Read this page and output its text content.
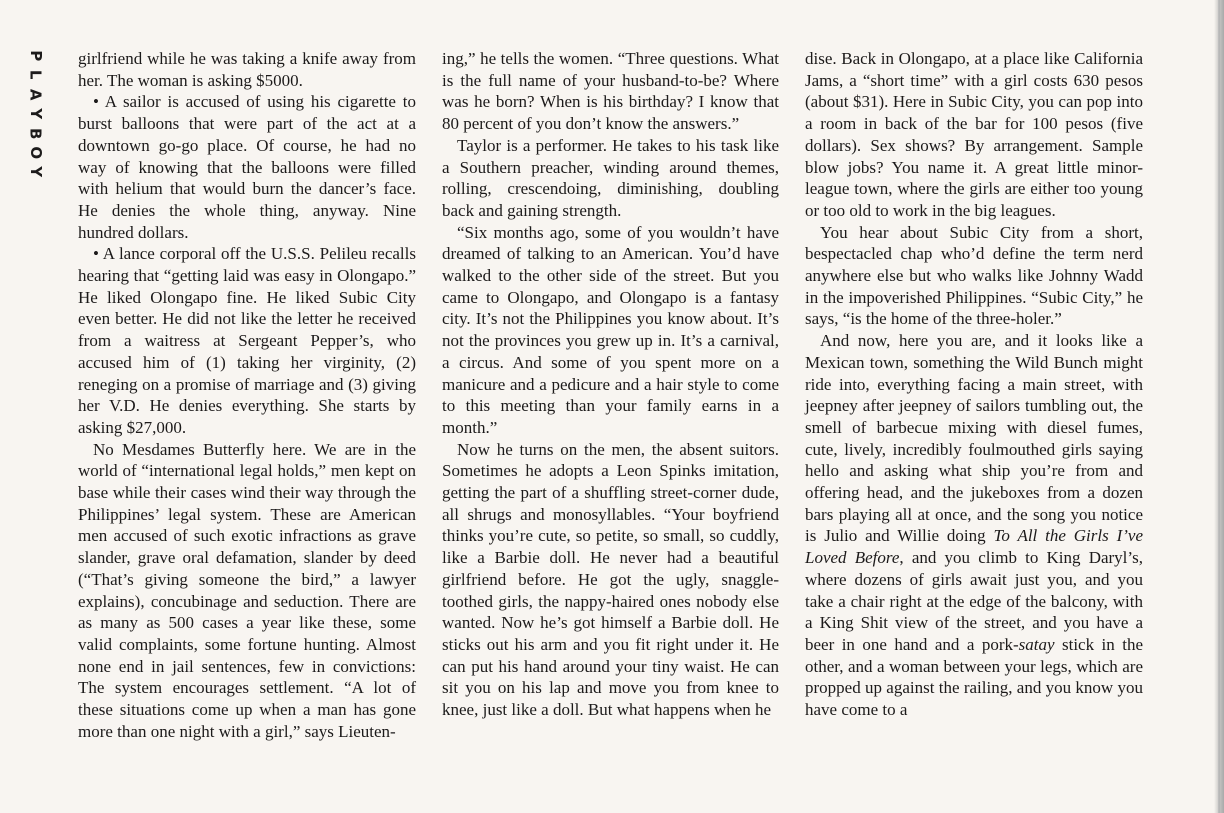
P
L
A
Y
B
O
Y

girlfriend while he was taking a knife away from her. The woman is asking $5000.

• A sailor is accused of using his cigarette to burst balloons that were part of the act at a downtown go-go place. Of course, he had no way of knowing that the balloons were filled with helium that would burn the dancer’s face. He denies the whole thing, anyway. Nine hundred dollars.

• A lance corporal off the U.S.S. Pelileu recalls hearing that “getting laid was easy in Olongapo.” He liked Olongapo fine. He liked Subic City even better. He did not like the letter he received from a waitress at Sergeant Pepper’s, who accused him of (1) taking her virginity, (2) reneging on a promise of marriage and (3) giving her V.D. He denies everything. She starts by asking $27,000.

No Mesdames Butterfly here. We are in the world of “international legal holds,” men kept on base while their cases wind their way through the Philippines’ legal system. These are American men accused of such exotic infractions as grave slander, grave oral defamation, slander by deed (“That’s giving someone the bird,” a lawyer explains), concubinage and seduction. There are as many as 500 cases a year like these, some valid complaints, some fortune hunting. Almost none end in jail sentences, few in convictions: The system encourages settlement. “A lot of these situations come up when a man has gone more than one night with a girl,” says Lieuten-

ing,” he tells the women. “Three questions. What is the full name of your husband-to-be? Where was he born? When is his birthday? I know that 80 percent of you don’t know the answers.”

Taylor is a performer. He takes to his task like a Southern preacher, winding around themes, rolling, crescendoing, diminishing, doubling back and gaining strength.

“Six months ago, some of you wouldn’t have dreamed of talking to an American. You’d have walked to the other side of the street. But you came to Olongapo, and Olongapo is a fantasy city. It’s not the Philippines you know about. It’s not the provinces you grew up in. It’s a carnival, a circus. And some of you spent more on a manicure and a pedicure and a hair style to come to this meeting than your family earns in a month.”

Now he turns on the men, the absent suitors. Sometimes he adopts a Leon Spinks imitation, getting the part of a shuffling street-corner dude, all shrugs and monosyllables. “Your boyfriend thinks you’re cute, so petite, so small, so cuddly, like a Barbie doll. He never had a beautiful girlfriend before. He got the ugly, snaggle-toothed girls, the nappy-haired ones nobody else wanted. Now he’s got himself a Barbie doll. He sticks out his arm and you fit right under it. He can put his hand around your tiny waist. He can sit you on his lap and move you from knee to knee, just like a doll. But what happens when he

dise. Back in Olongapo, at a place like California Jams, a “short time” with a girl costs 630 pesos (about $31). Here in Subic City, you can pop into a room in back of the bar for 100 pesos (five dollars). Sex shows? By arrangement. Sample blow jobs? You name it. A great little minor-league town, where the girls are either too young or too old to work in the big leagues.

You hear about Subic City from a short, bespectacled chap who’d define the term nerd anywhere else but who walks like Johnny Wadd in the impoverished Philippines. “Subic City,” he says, “is the home of the three-holer.”

And now, here you are, and it looks like a Mexican town, something the Wild Bunch might ride into, everything facing a main street, with jeepney after jeepney of sailors tumbling out, the smell of barbecue mixing with diesel fumes, cute, lively, incredibly foulmouthed girls saying hello and asking what ship you’re from and offering head, and the jukeboxes from a dozen bars playing all at once, and the song you notice is Julio and Willie doing To All the Girls I’ve Loved Before, and you climb to King Daryl’s, where dozens of girls await just you, and you take a chair right at the edge of the balcony, with a King Shit view of the street, and you have a beer in one hand and a pork-satay stick in the other, and a woman between your legs, which are propped up against the railing, and you know you have come to a
